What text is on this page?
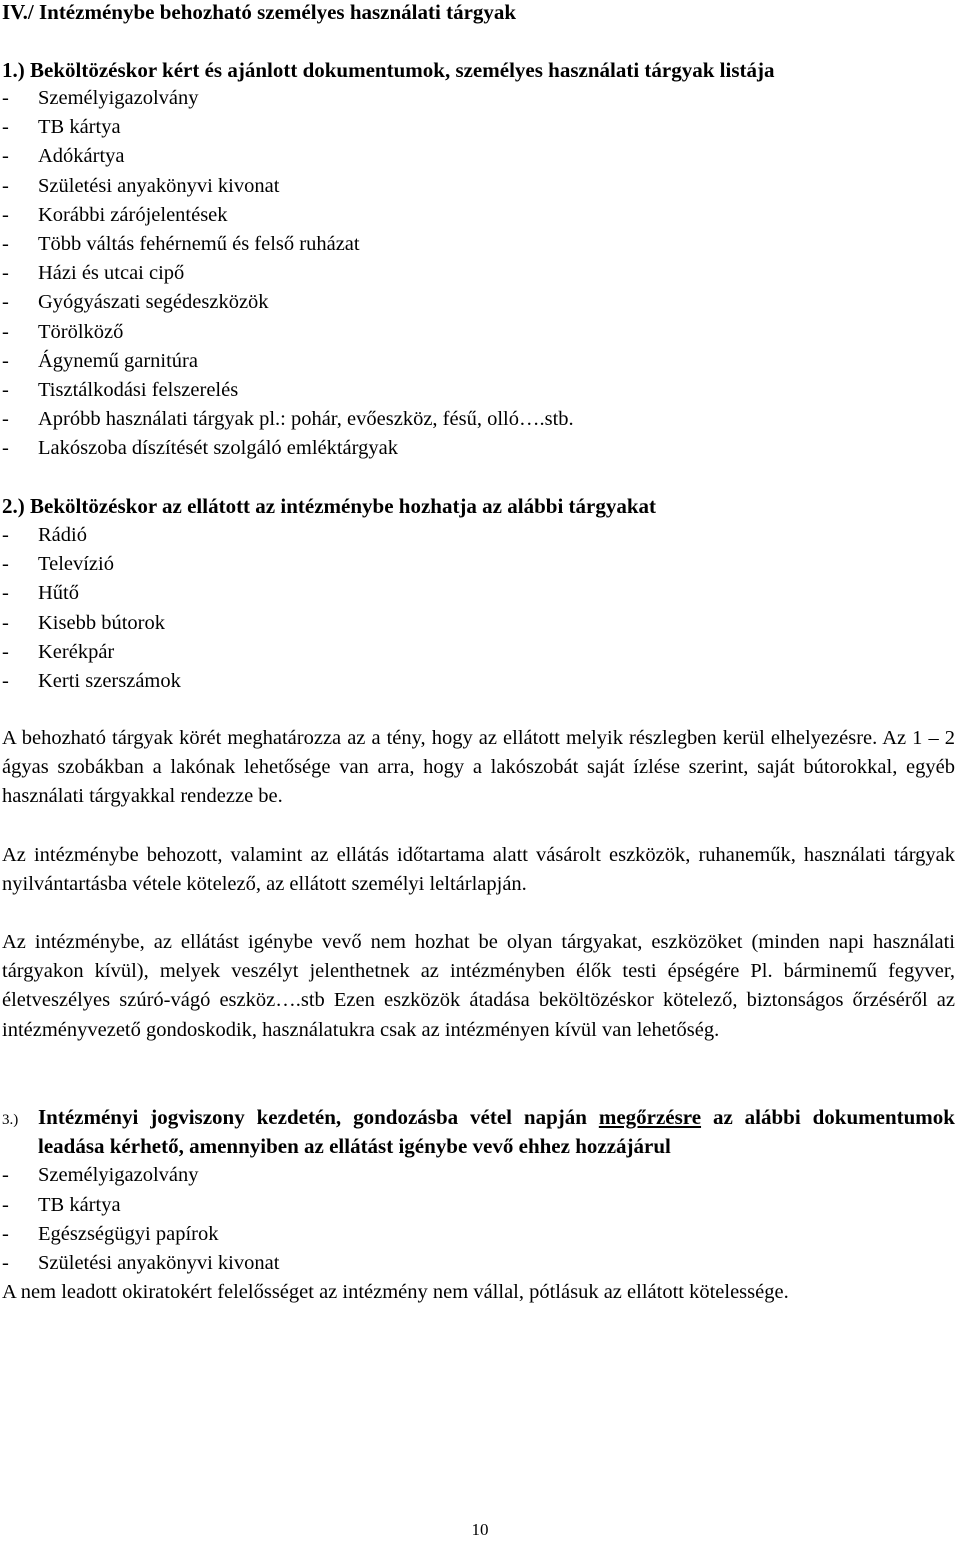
IV./ Intézménybe behozható személyes használati tárgyak
1.) Beköltözéskor kért és ajánlott dokumentumok, személyes használati tárgyak listája
- Személyigazolvány
- TB kártya
- Adókártya
- Születési anyakönyvi kivonat
- Korábbi zárójelentések
- Több váltás fehérnemű és felső ruházat
- Házi és utcai cipő
- Gyógyászati segédeszközök
- Törölköző
- Ágynemű garnitúra
- Tisztálkodási felszerelés
- Apróbb használati tárgyak pl.: pohár, evőeszköz, fésű, olló….stb.
- Lakószoba díszítését szolgáló emléktárgyak
2.) Beköltözéskor az ellátott az intézménybe hozhatja az alábbi tárgyakat
- Rádió
- Televízió
- Hűtő
- Kisebb bútorok
- Kerékpár
- Kerti szerszámok

A behozható tárgyak körét meghatározza az a tény, hogy az ellátott melyik részlegben kerül elhelyezésre. Az 1 – 2 ágyas szobákban a lakónak lehetősége van arra, hogy a lakószobát saját ízlése szerint, saját bútorokkal, egyéb használati tárgyakkal rendezze be.

Az intézménybe behozott, valamint az ellátás időtartama alatt vásárolt eszközök, ruhaneműk, használati tárgyak nyilvántartásba vétele kötelező, az ellátott személyi leltárlapján.

Az intézménybe, az ellátást igénybe vevő nem hozhat be olyan tárgyakat, eszközöket (minden napi használati tárgyakon kívül), melyek veszélyt jelenthetnek az intézményben élők testi épségére Pl. bárminemű fegyver, életveszélyes szúró-vágó eszköz….stb Ezen eszközök átadása beköltözéskor kötelező, biztonságos őrzéséről az intézményvezető gondoskodik, használatukra csak az intézményen kívül van lehetőség.

3.) Intézményi jogviszony kezdetén, gondozásba vétel napján megőrzésre az alábbi dokumentumok leadása kérhető, amennyiben az ellátást igénybe vevő ehhez hozzájárul

- Személyigazolvány
- TB kártya
- Egészségügyi papírok
- Születési anyakönyvi kivonat

A nem leadott okiratokért felelősséget az intézmény nem vállal, pótlásuk az ellátott kötelessége.

10
